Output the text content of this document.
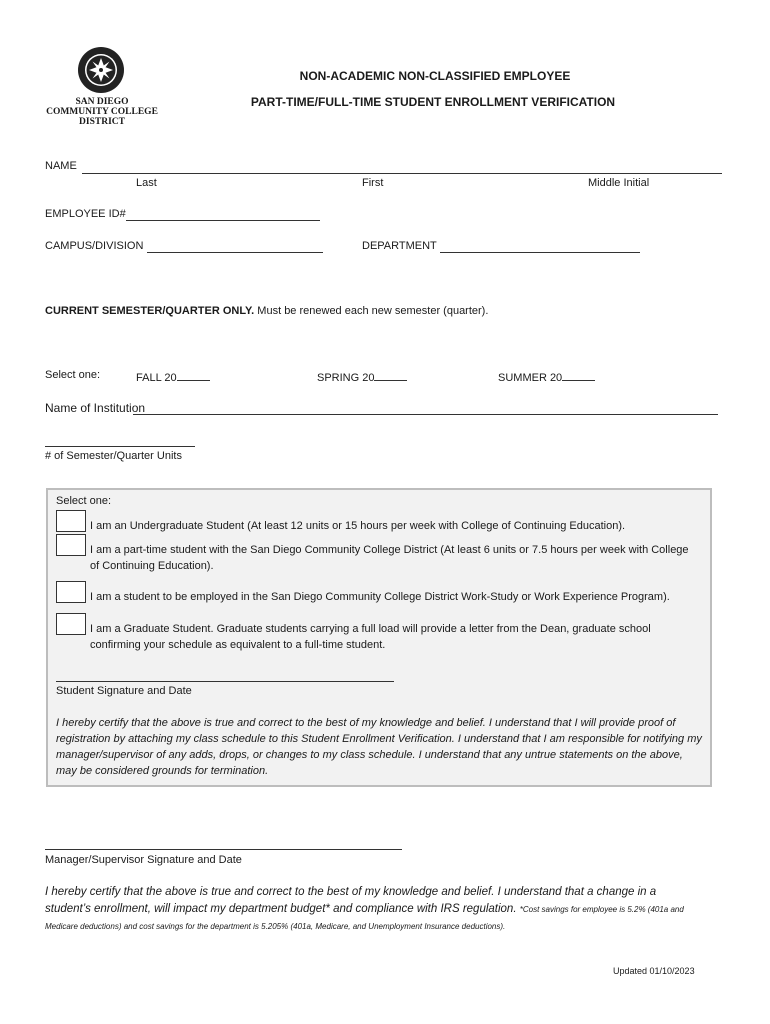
SAN DIEGO
COMMUNITY COLLEGE
DISTRICT
NON-ACADEMIC NON-CLASSIFIED EMPLOYEE
PART-TIME/FULL-TIME STUDENT ENROLLMENT VERIFICATION
NAME
Last	First	Middle Initial
EMPLOYEE ID#
CAMPUS/DIVISION	DEPARTMENT
CURRENT SEMESTER/QUARTER ONLY. Must be renewed each new semester (quarter).
Select one:	FALL 20	SPRING 20	SUMMER 20
Name of Institution
# of Semester/Quarter Units
Select one:
I am an Undergraduate Student (At least 12 units or 15 hours per week with College of Continuing Education).
I am a part-time student with the San Diego Community College District (At least 6 units or 7.5 hours per week with College of Continuing Education).
I am a student to be employed in the San Diego Community College District Work-Study or Work Experience Program).
I am a Graduate Student. Graduate students carrying a full load will provide a letter from the Dean, graduate school confirming your schedule as equivalent to a full-time student.
Student Signature and Date
I hereby certify that the above is true and correct to the best of my knowledge and belief. I understand that I will provide proof of registration by attaching my class schedule to this Student Enrollment Verification. I understand that I am responsible for notifying my manager/supervisor of any adds, drops, or changes to my class schedule. I understand that any untrue statements on the above, may be considered grounds for termination.
Manager/Supervisor Signature and Date
I hereby certify that the above is true and correct to the best of my knowledge and belief. I understand that a change in a student’s enrollment, will impact my department budget* and compliance with IRS regulation. *Cost savings for employee is 5.2% (401a and Medicare deductions) and cost savings for the department is 5.205% (401a, Medicare, and Unemployment Insurance deductions).
Updated 01/10/2023
